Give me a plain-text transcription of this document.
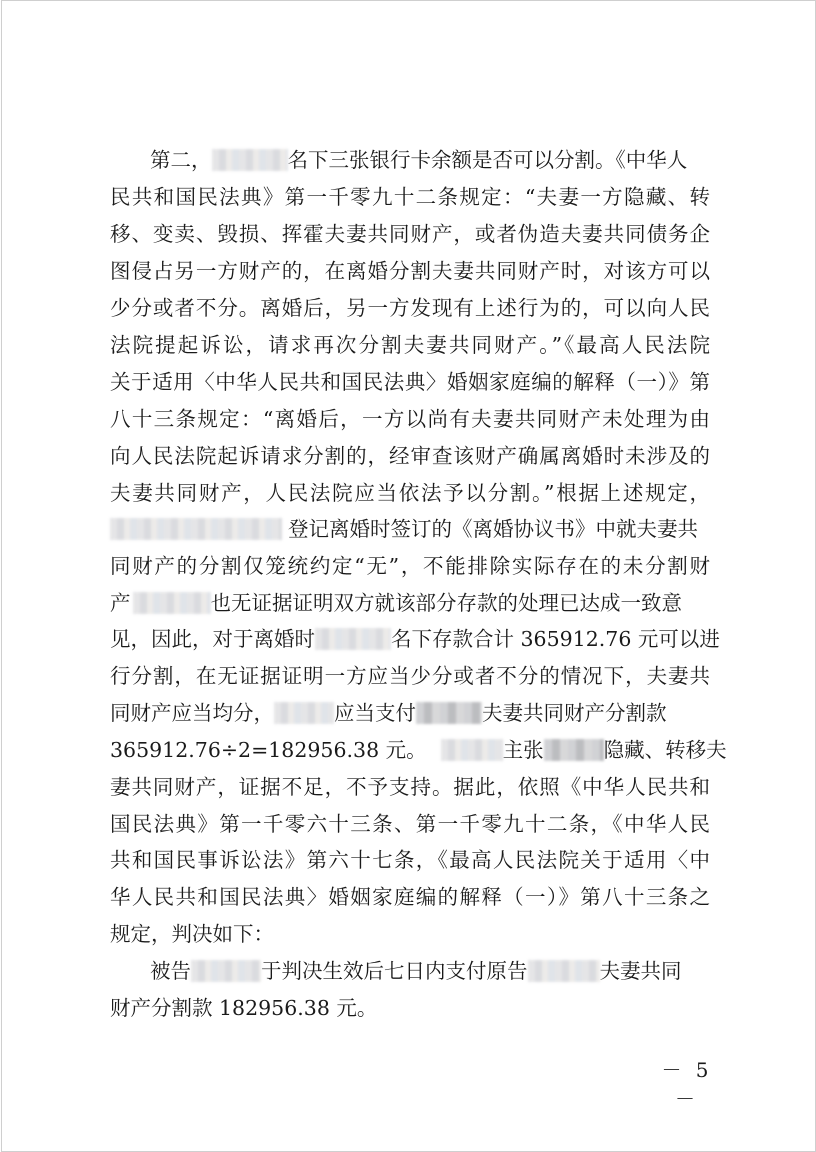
第二，	名下三张银行卡余额是否可以分割。《中华人
民共和国民法典》第一千零九十二条规定：“夫妻一方隐藏、转
移、变卖、毁损、挥霍夫妻共同财产，或者伪造夫妻共同债务企
图侵占另一方财产的，在离婚分割夫妻共同财产时，对该方可以
少分或者不分。离婚后，另一方发现有上述行为的，可以向人民
法院提起诉讼，请求再次分割夫妻共同财产。”《最高人民法院
关于适用〈中华人民共和国民法典〉婚姻家庭编的解释（一）》第
八十三条规定：“离婚后，一方以尚有夫妻共同财产未处理为由
向人民法院起诉请求分割的，经审查该财产确属离婚时未涉及的
夫妻共同财产，人民法院应当依法予以分割。”根据上述规定，
登记离婚时签订的《离婚协议书》中就夫妻共
同财产的分割仅笼统约定“无”，不能排除实际存在的未分割财
产	也无证据证明双方就该部分存款的处理已达成一致意
见，因此，对于离婚时	名下存款合计 365912.76 元可以进
行分割，在无证据证明一方应当少分或者不分的情况下，夫妻共
同财产应当均分，	应当支付	夫妻共同财产分割款
365912.76÷2=182956.38 元。	主张	隐藏、转移夫
妻共同财产，证据不足，不予支持。据此，依照《中华人民共和
国民法典》第一千零六十三条、第一千零九十二条，《中华人民
共和国民事诉讼法》第六十七条，《最高人民法院关于适用〈中
华人民共和国民法典〉婚姻家庭编的解释（一）》第八十三条之
规定，判决如下：
被告	于判决生效后七日内支付原告	夫妻共同
财产分割款 182956.38 元。
－ 5 －
